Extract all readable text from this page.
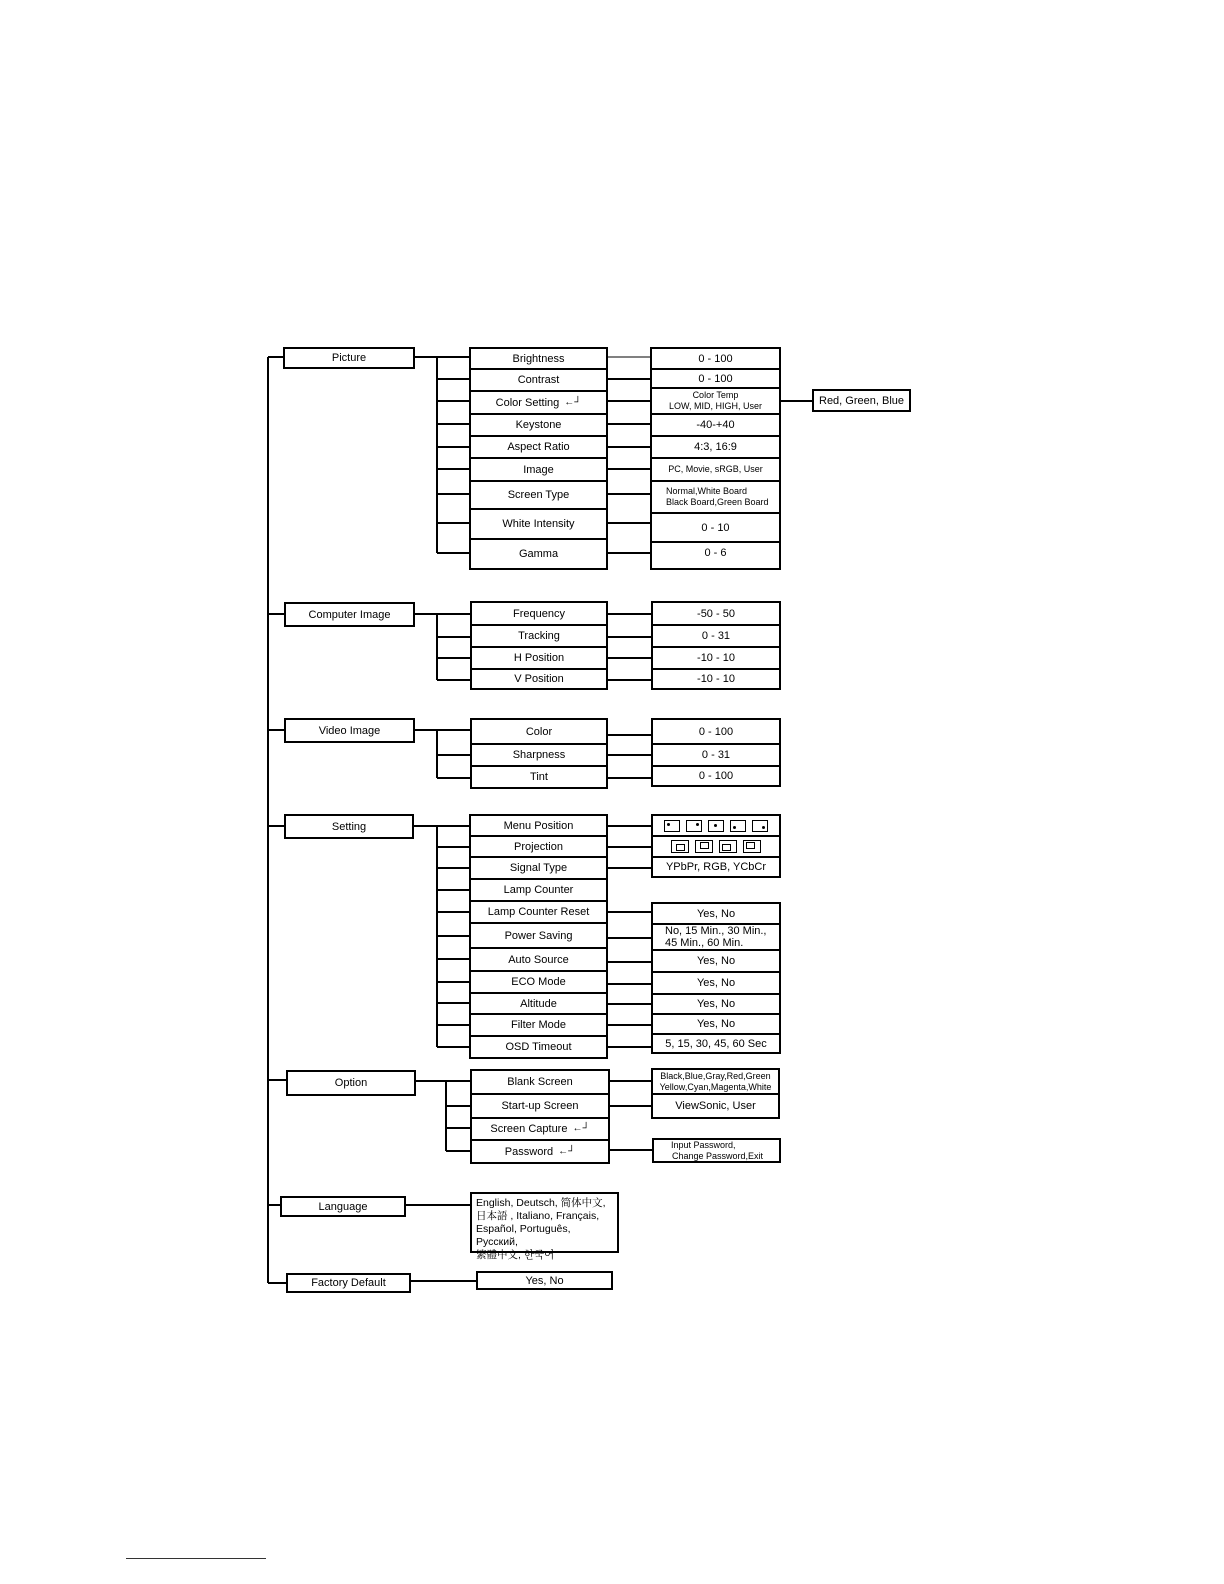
Picture
Computer Image
Video Image
Setting
Option
Language
Factory Default
Brightness
Contrast
Color Setting ←┘
Keystone
Aspect Ratio
Image
Screen Type
White Intensity
Gamma
0 - 100
0 - 100
Color Temp
LOW, MID, HIGH, User
-40-+40
4:3, 16:9
PC, Movie, sRGB, User
Normal,White Board
Black Board,Green Board
0 - 10
0 - 6
Red, Green, Blue
Frequency
Tracking
H Position
V Position
-50 - 50
0 - 31
-10 - 10
-10 - 10
Color
Sharpness
Tint
0 - 100
0 - 31
0 - 100
Menu Position
Projection
Signal Type
Lamp Counter
Lamp Counter Reset
Power Saving
Auto Source
ECO Mode
Altitude
Filter Mode
OSD Timeout
YPbPr, RGB, YCbCr
Yes, No
No, 15 Min., 30 Min.,
45 Min., 60 Min.
Yes, No
Yes, No
Yes, No
Yes, No
5, 15, 30, 45, 60 Sec
Blank Screen
Start-up Screen
Screen Capture ←┘
Password ←┘
Black,Blue,Gray,Red,Green
Yellow,Cyan,Magenta,White
ViewSonic, User
Input Password,
Change Password,Exit
English, Deutsch, 简体中文,
日本語 , Italiano, Français,
Español, Português, Русский,
繁體中文, 한국어
Yes, No
